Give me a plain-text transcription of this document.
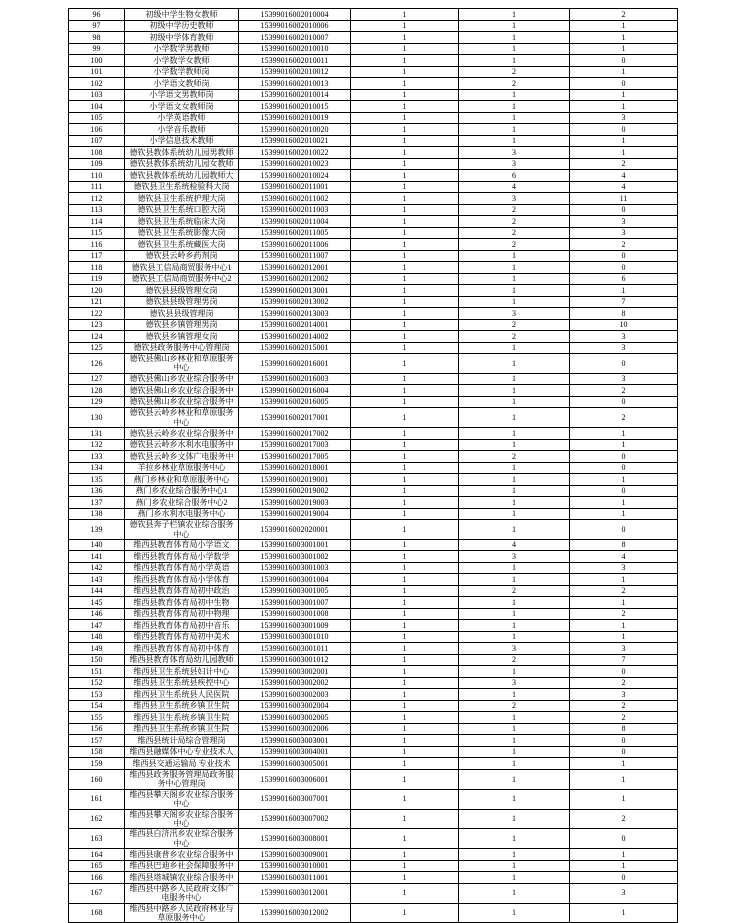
96	初级中学生物女教师	15399016002010004	1	1	2
97	初级中学历史教师	15399016002010006	1	1	1
98	初级中学体育教师	15399016002010007	1	1	1
99	小学数学男教师	15399016002010010	1	1	1
100	小学数学女教师	15399016002010011	1	1	0
101	小学数学教师岗	15399016002010012	1	2	1
102	小学语文教师岗	15399016002010013	1	2	0
103	小学语文男教师岗	15399016002010014	1	1	1
104	小学语文女教师岗	15399016002010015	1	1	1
105	小学英语教师	15399016002010019	1	1	3
106	小学音乐教师	15399016002010020	1	1	0
107	小学信息技术教师	15399016002010021	1	1	1
108	德钦县教体系统幼儿园男教师	15399016002010022	1	3	1
109	德钦县教体系统幼儿园女教师	15399016002010023	1	3	2
110	德钦县教体系统幼儿园教师大	15399016002010024	1	6	4
111	德钦县卫生系统检验科大岗	15399016002011001	1	4	4
112	德钦县卫生系统护理大岗	15399016002011002	1	3	11
113	德钦县卫生系统口腔大岗	15399016002011003	1	2	0
114	德钦县卫生系统临床大岗	15399016002011004	1	2	3
115	德钦县卫生系统影像大岗	15399016002011005	1	2	3
116	德钦县卫生系统藏医大岗	15399016002011006	1	2	2
117	德钦县云岭乡药剂岗	15399016002011007	1	1	0
118	德钦县工信局商贸服务中心1	15399016002012001	1	1	0
119	德钦县工信局商贸服务中心2	15399016002012002	1	1	6
120	德钦县县级管理女岗	15399016002013001	1	1	1
121	德钦县县级管理男岗	15399016002013002	1	1	7
122	德钦县县级管理岗	15399016002013003	1	3	8
123	德钦县乡镇管理男岗	15399016002014001	1	2	10
124	德钦县乡镇管理女岗	15399016002014002	1	2	3
125	德钦县政务服务中心管理岗	15399016002015001	1	1	3
126	德钦县佛山乡林业和草原服务中心	15399016002016001	1	1	0
127	德钦县佛山乡农业综合服务中	15399016002016003	1	1	3
128	德钦县佛山乡农业综合服务中	15399016002016004	1	1	2
129	德钦县佛山乡农业综合服务中	15399016002016005	1	1	0
130	德钦县云岭乡林业和草原服务中心	15399016002017001	1	1	2
131	德钦县云岭乡农业综合服务中	15399016002017002	1	1	1
132	德钦县云岭乡水利水电服务中	15399016002017003	1	1	1
133	德钦县云岭乡文体广电服务中	15399016002017005	1	2	0
134	羊拉乡林业草原服务中心	15399016002018001	1	1	0
135	燕门乡林业和草原服务中心	15399016002019001	1	1	1
136	燕门乡农业综合服务中心1	15399016002019002	1	1	0
137	燕门乡农业综合服务中心2	15399016002019003	1	1	1
138	燕门乡水利水电服务中心	15399016002019004	1	1	1
139	德钦县奔子栏镇农业综合服务中心	15399016002020001	1	1	0
140	维西县教育体育局小学语文	15399016003001001	1	4	8
141	维西县教育体育局小学数学	15399016003001002	1	3	4
142	维西县教育体育局小学英语	15399016003001003	1	1	3
143	维西县教育体育局小学体育	15399016003001004	1	1	1
144	维西县教育体育局初中政治	15399016003001005	1	2	2
145	维西县教育体育局初中生物	15399016003001007	1	1	1
146	维西县教育体育局初中物理	15399016003001008	1	1	2
147	维西县教育体育局初中音乐	15399016003001009	1	1	1
148	维西县教育体育局初中美术	15399016003001010	1	1	1
149	维西县教育体育局初中体育	15399016003001011	1	3	3
150	维西县教育体育局幼儿园教师	15399016003001012	1	2	7
151	维西县卫生系统县妇计中心	15399016003002001	1	1	0
152	维西县卫生系统县疾控中心	15399016003002002	1	3	2
153	维西县卫生系统县人民医院	15399016003002003	1	1	3
154	维西县卫生系统乡镇卫生院	15399016003002004	1	2	2
155	维西县卫生系统乡镇卫生院	15399016003002005	1	1	2
156	维西县卫生系统乡镇卫生院	15399016003002006	1	1	8
157	维西县统计局综合管理岗	15399016003003001	1	1	0
158	维西县融媒体中心专业技术人	15399016003004001	1	1	0
159	维西县交通运输局 专业技术	15399016003005001	1	1	1
160	维西县政务服务管理局政务服务中心管理岗	15399016003006001	1	1	1
161	维西县攀天阁乡农业综合服务中心	15399016003007001	1	1	1
162	维西县攀天阁乡农业综合服务中心	15399016003007002	1	1	2
163	维西县白济汛乡农业综合服务中心	15399016003008001	1	1	0
164	维西县康普乡农业综合服务中	15399016003009001	1	1	1
165	维西县巴迪乡社会保障服务中	15399016003010001	1	1	1
166	维西县塔城镇农业综合服务中	15399016003011001	1	1	0
167	维西县中路乡人民政府文体广电服务中心	15399016003012001	1	1	3
168	维西县中路乡人民政府林业与草原服务中心	15399016003012002	1	1	1
